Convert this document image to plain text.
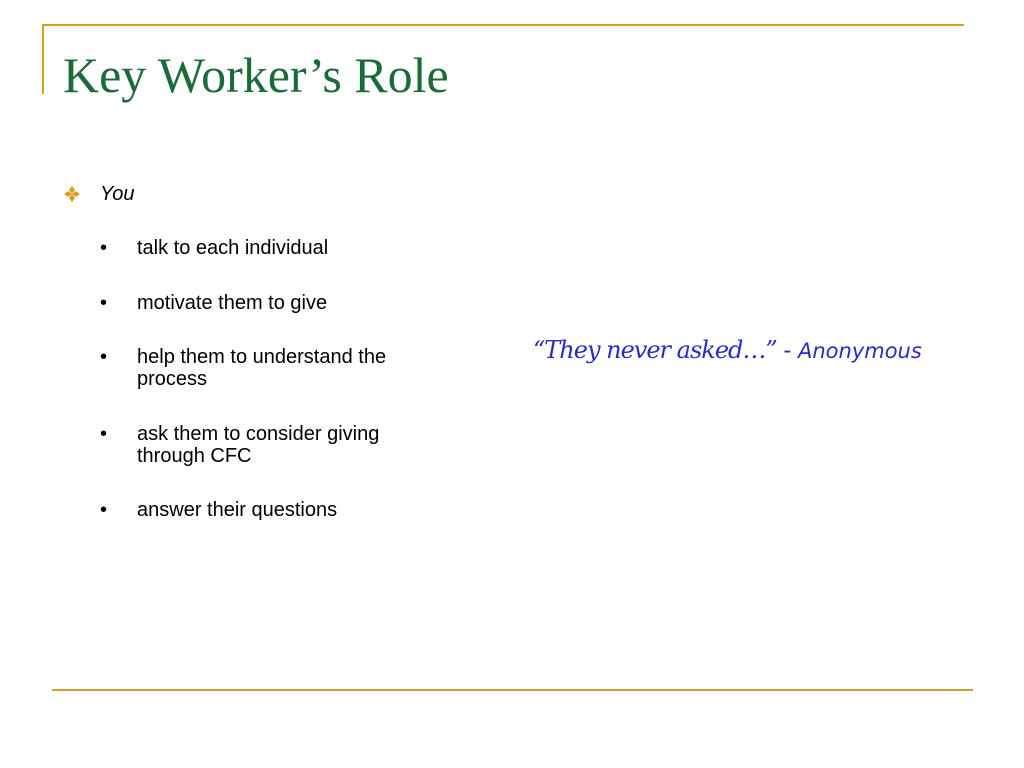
Key Worker’s Role
You
• talk to each individual
• motivate them to give
• help them to understand the process
• ask them to consider giving through CFC
• answer their questions
“They never asked…” - Anonymous
